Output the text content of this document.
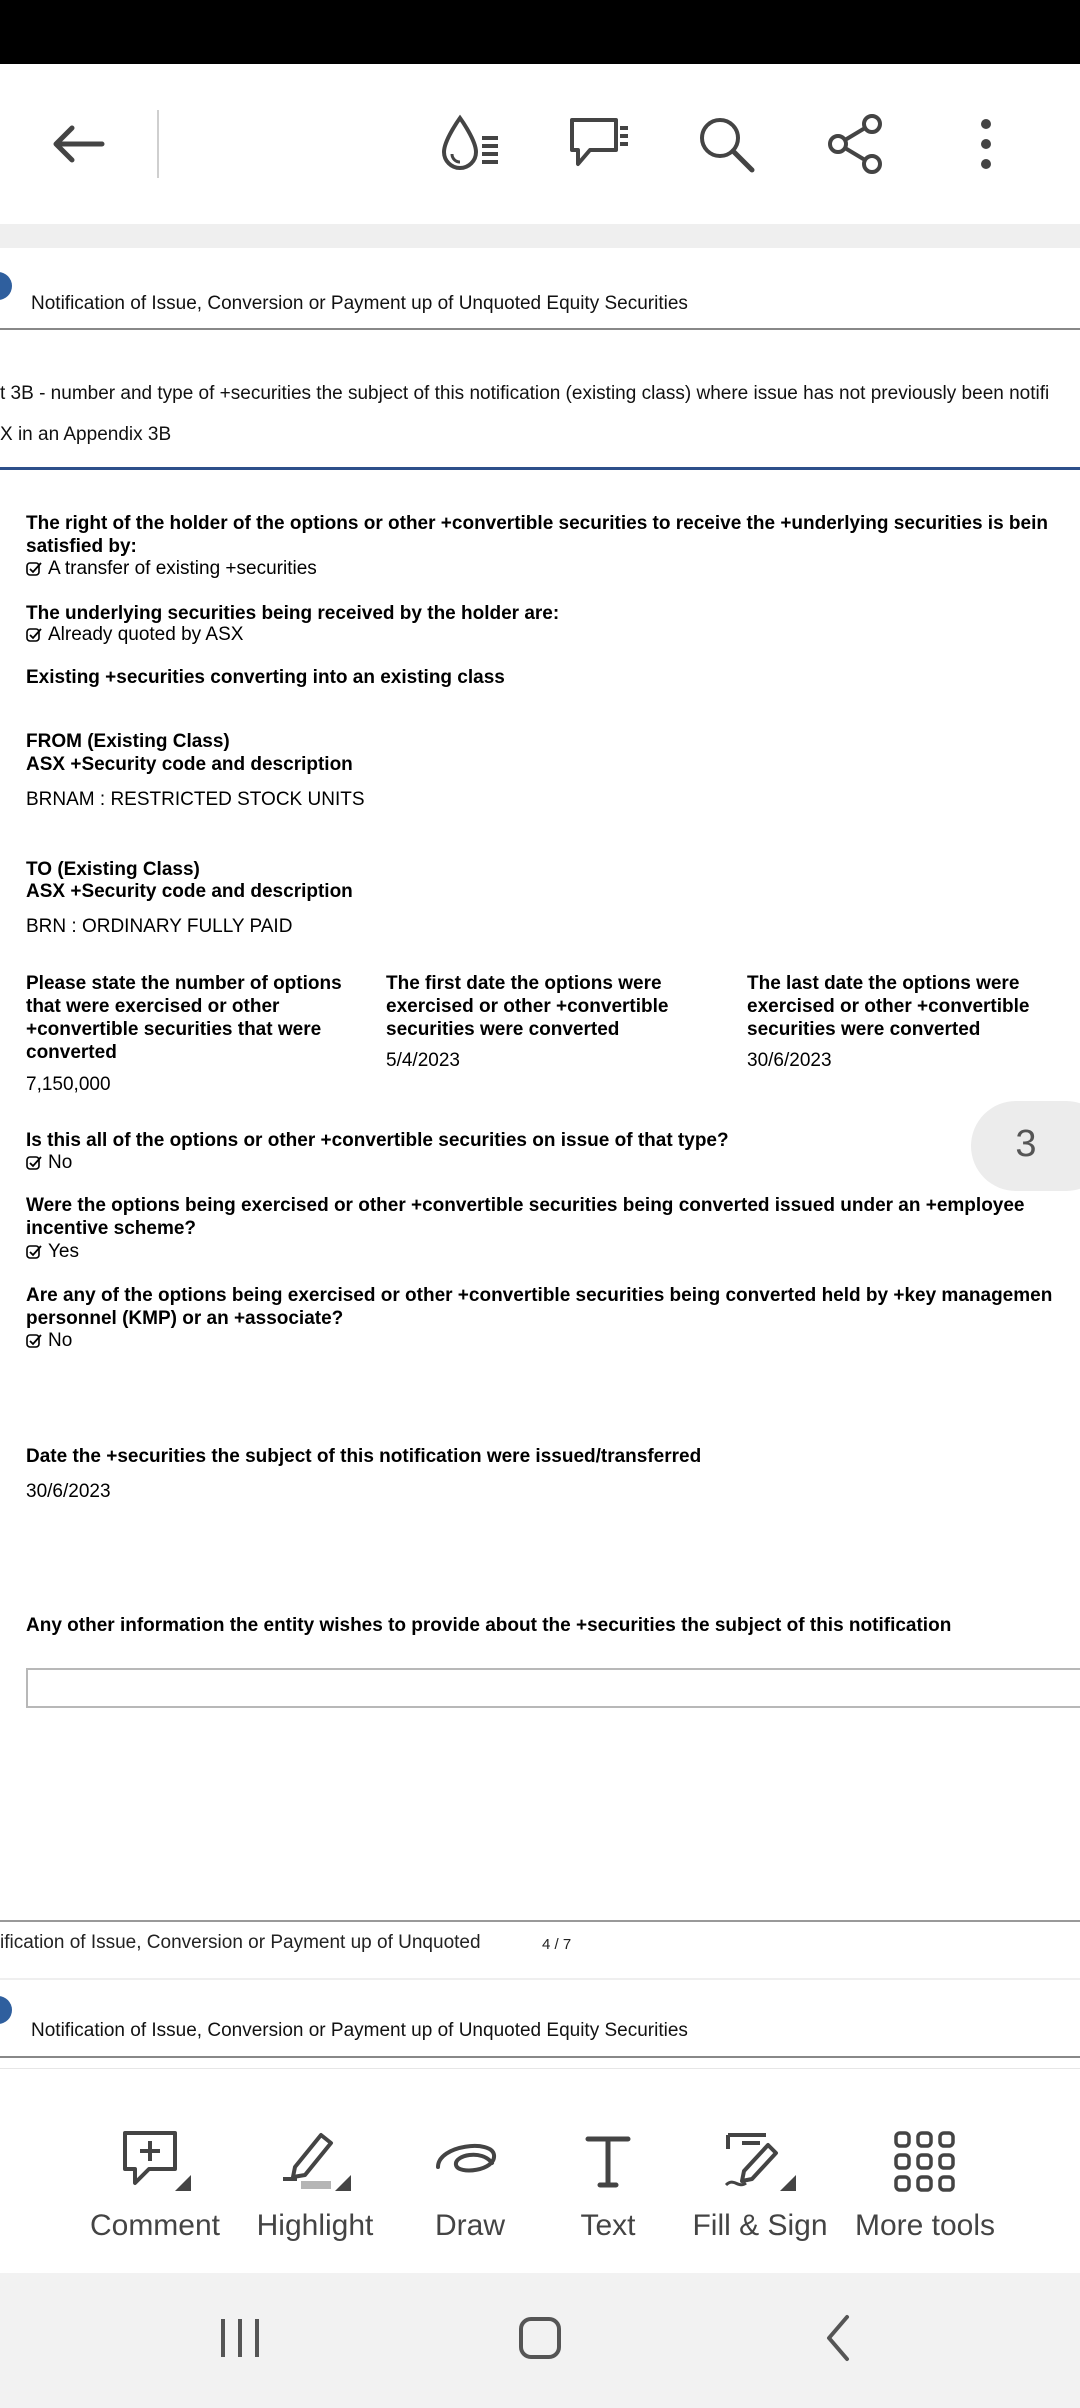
Notification of Issue, Conversion or Payment up of Unquoted Equity Securities
t 3B - number and type of +securities the subject of this notification (existing class) where issue has not previously been notifi
X in an Appendix 3B
The right of the holder of the options or other +convertible securities to receive the +underlying securities is bein satisfied by:
A transfer of existing +securities
The underlying securities being received by the holder are:
Already quoted by ASX
Existing +securities converting into an existing class
FROM (Existing Class)
ASX +Security code and description
BRNAM : RESTRICTED STOCK UNITS
TO (Existing Class)
ASX +Security code and description
BRN : ORDINARY FULLY PAID
Please state the number of options that were exercised or other +convertible securities that were converted
7,150,000
The first date the options were exercised or other +convertible securities were converted
5/4/2023
The last date the options were exercised or other +convertible securities were converted
30/6/2023
Is this all of the options or other +convertible securities on issue of that type?
No
Were the options being exercised or other +convertible securities being converted issued under an +employee incentive scheme?
Yes
Are any of the options being exercised or other +convertible securities being converted held by +key managemen personnel (KMP) or an +associate?
No
Date the +securities the subject of this notification were issued/transferred
30/6/2023
Any other information the entity wishes to provide about the +securities the subject of this notification
ification of Issue, Conversion or Payment up of Unquoted	4 / 7
Notification of Issue, Conversion or Payment up of Unquoted Equity Securities
3
Comment Highlight Draw	Text Fill & Sign More tools
